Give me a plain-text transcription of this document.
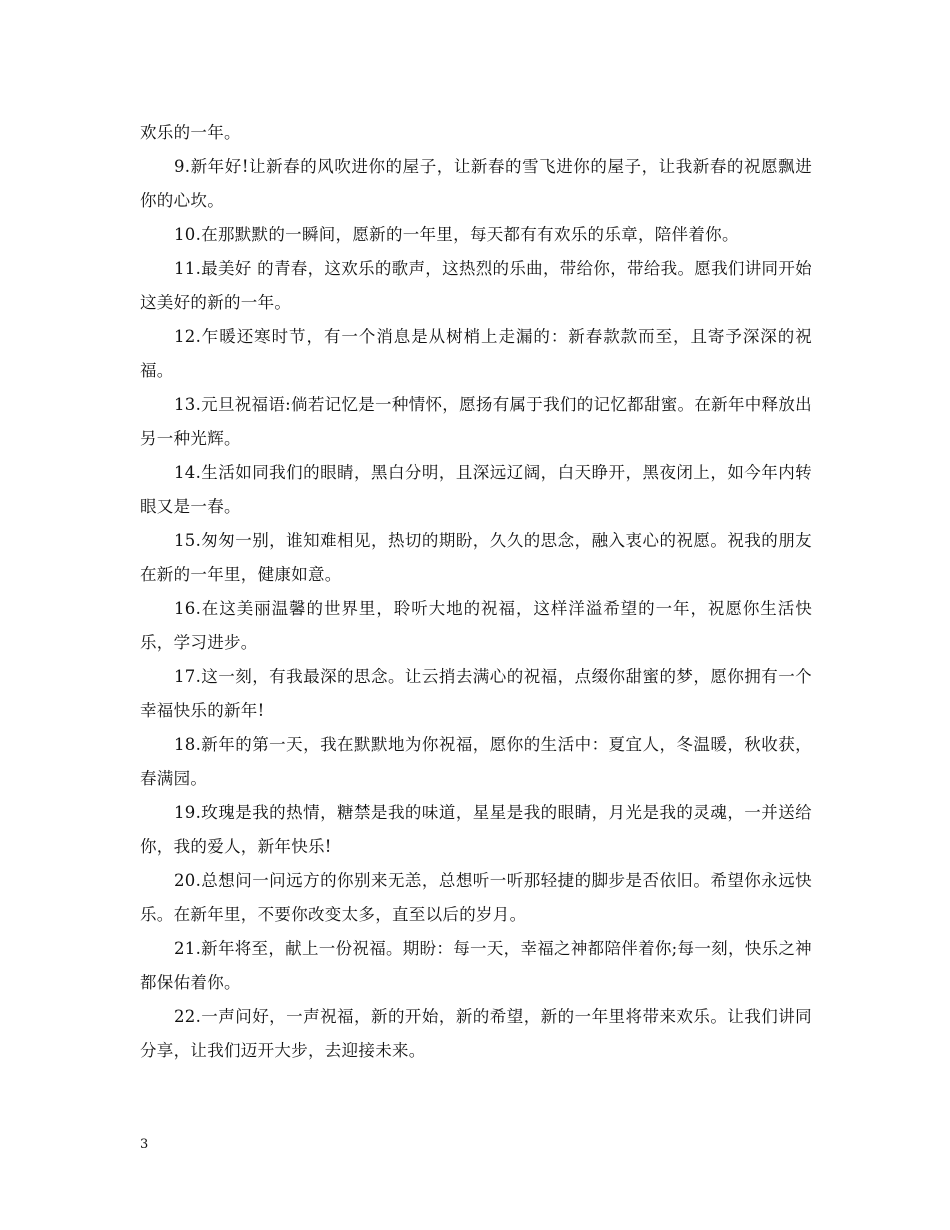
欢乐的一年。

9.新年好!让新春的风吹进你的屋子，让新春的雪飞进你的屋子，让我新春的祝愿飘进你的心坎。

10.在那默默的一瞬间，愿新的一年里，每天都有有欢乐的乐章，陪伴着你。

11.最美好 的青春，这欢乐的歌声，这热烈的乐曲，带给你，带给我。愿我们讲同开始这美好的新的一年。

12.乍暖还寒时节，有一个消息是从树梢上走漏的：新春款款而至，且寄予深深的祝福。

13.元旦祝福语:倘若记忆是一种情怀，愿扬有属于我们的记忆都甜蜜。在新年中释放出另一种光辉。

14.生活如同我们的眼睛，黑白分明，且深远辽阔，白天睁开，黑夜闭上，如今年内转眼又是一春。

15.匆匆一别，谁知难相见，热切的期盼，久久的思念，融入衷心的祝愿。祝我的朋友在新的一年里，健康如意。

16.在这美丽温馨的世界里，聆听大地的祝福，这样洋溢希望的一年，祝愿你生活快乐，学习进步。

17.这一刻，有我最深的思念。让云捎去满心的祝福，点缀你甜蜜的梦，愿你拥有一个幸福快乐的新年!

18.新年的第一天，我在默默地为你祝福，愿你的生活中：夏宜人，冬温暖，秋收获，春满园。

19.玫瑰是我的热情，糖禁是我的味道，星星是我的眼睛，月光是我的灵魂，一并送给你，我的爱人，新年快乐!

20.总想问一问远方的你别来无恙，总想听一听那轻捷的脚步是否依旧。希望你永远快乐。在新年里，不要你改变太多，直至以后的岁月。

21.新年将至，献上一份祝福。期盼：每一天，幸福之神都陪伴着你;每一刻，快乐之神都保佑着你。

22.一声问好，一声祝福，新的开始，新的希望，新的一年里将带来欢乐。让我们讲同分享，让我们迈开大步，去迎接未来。

3
